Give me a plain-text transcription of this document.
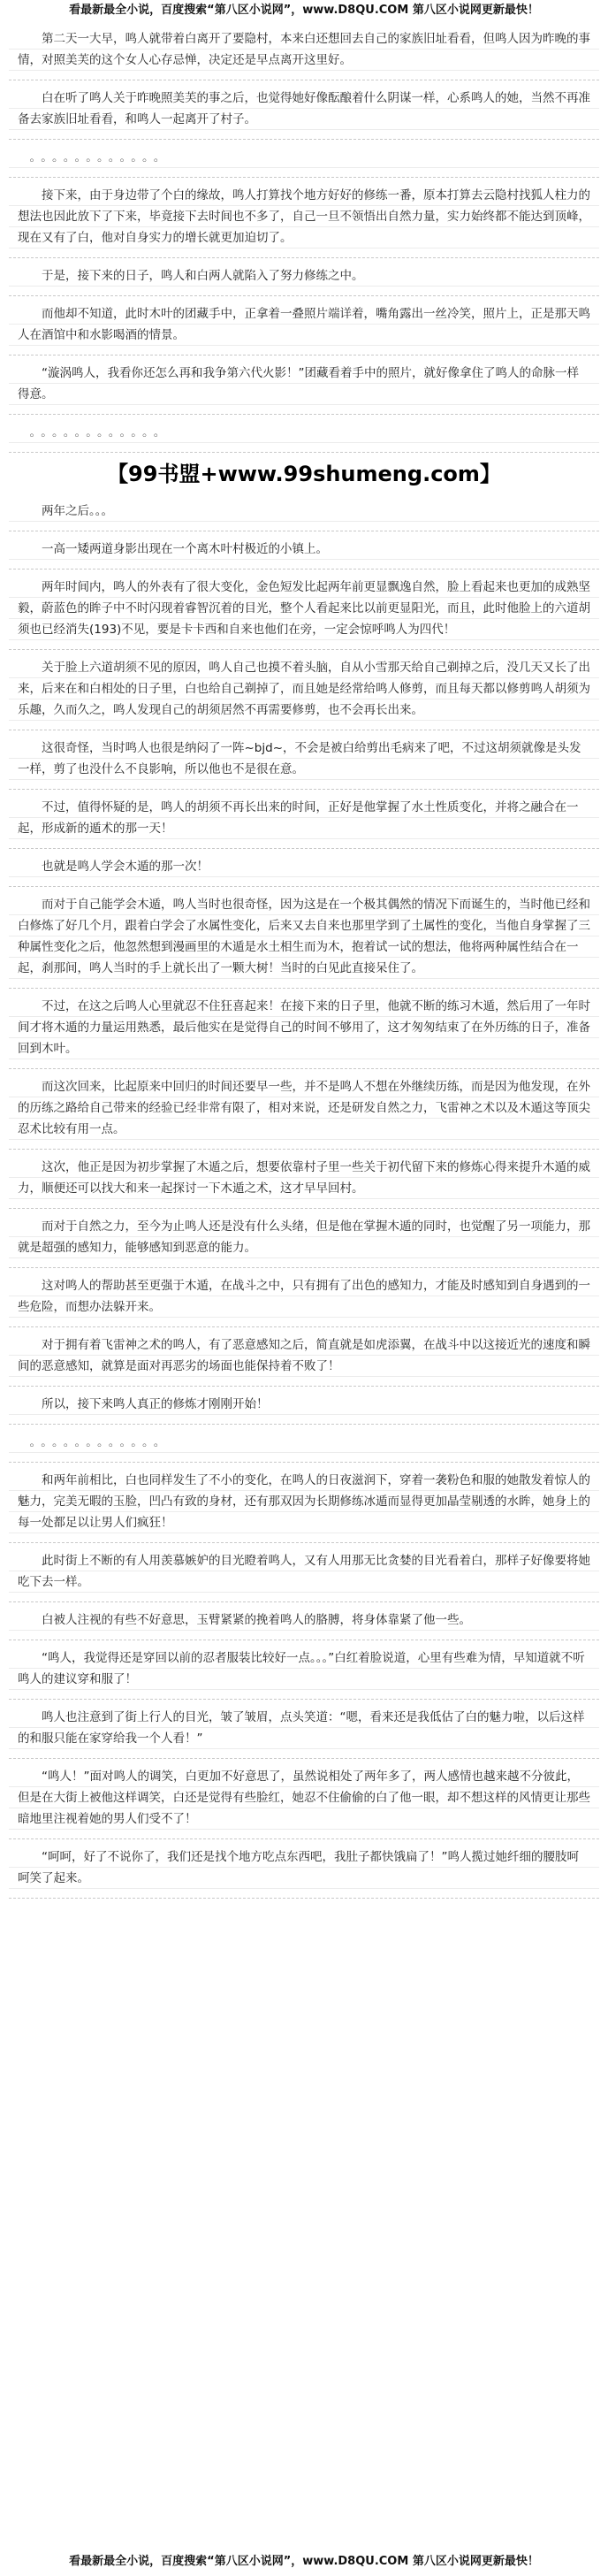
看最新最全小说，百度搜索“第八区小说网”，www.D8QU.COM 第八区小说网更新最快！
第二天一大早，鸣人就带着白离开了要隐村，本来白还想回去自己的家族旧址看看，但鸣人因为昨晚的事情，对照美芙的这个女人心存忌惮，决定还是早点离开这里好。
白在听了鸣人关于昨晚照美芙的事之后，也觉得她好像酝酿着什么阴谋一样，心系鸣人的她，当然不再准备去家族旧址看看，和鸣人一起离开了村子。
。。。。。。。。。。。。
接下来，由于身边带了个白的缘故，鸣人打算找个地方好好的修练一番，原本打算去云隐村找狐人柱力的想法也因此放下了下来，毕竟接下去时间也不多了，自己一旦不领悟出自然力量，实力始终都不能达到顶峰，现在又有了白，他对自身实力的增长就更加迫切了。
于是，接下来的日子，鸣人和白两人就陷入了努力修练之中。
而他却不知道，此时木叶的团藏手中，正拿着一叠照片端详着，嘴角露出一丝冷笑，照片上，正是那天鸣人在酒馆中和水影喝酒的情景。
“漩涡鸣人，我看你还怎么再和我争第六代火影！”团藏看着手中的照片，就好像拿住了鸣人的命脉一样得意。
。。。。。。。。。。。。
【99书盟+www.99shumeng.com】
两年之后。。。
一高一矮两道身影出现在一个离木叶村极近的小镇上。
两年时间内，鸣人的外表有了很大变化，金色短发比起两年前更显飘逸自然，脸上看起来也更加的成熟坚毅，蔚蓝色的眸子中不时闪现着睿智沉着的目光，整个人看起来比以前更显阳光，而且，此时他脸上的六道胡须也已经消失(193)不见，要是卡卡西和自来也他们在旁，一定会惊呼鸣人为四代！
关于脸上六道胡须不见的原因，鸣人自己也摸不着头脑，自从小雪那天给自己剃掉之后，没几天又长了出来，后来在和白相处的日子里，白也给自己剃掉了，而且她是经常给鸣人修剪，而且每天都以修剪鸣人胡须为乐趣，久而久之，鸣人发现自己的胡须居然不再需要修剪，也不会再长出来。
这很奇怪，当时鸣人也很是纳闷了一阵~bjd~，不会是被白给剪出毛病来了吧，不过这胡须就像是头发一样，剪了也没什么不良影响，所以他也不是很在意。
不过，值得怀疑的是，鸣人的胡须不再长出来的时间，正好是他掌握了水土性质变化，并将之融合在一起，形成新的遁术的那一天！
也就是鸣人学会木遁的那一次！
而对于自己能学会木遁，鸣人当时也很奇怪，因为这是在一个极其偶然的情况下而诞生的，当时他已经和白修炼了好几个月，跟着白学会了水属性变化，后来又去自来也那里学到了土属性的变化，当他自身掌握了三种属性变化之后，他忽然想到漫画里的木遁是水土相生而为木，抱着试一试的想法，他将两种属性结合在一起，刹那间，鸣人当时的手上就长出了一颗大树！当时的白见此直接呆住了。
不过，在这之后鸣人心里就忍不住狂喜起来！在接下来的日子里，他就不断的练习木遁，然后用了一年时间才将木遁的力量运用熟悉，最后他实在是觉得自己的时间不够用了，这才匆匆结束了在外历练的日子，准备回到木叶。
而这次回来，比起原来中回归的时间还要早一些，并不是鸣人不想在外继续历练，而是因为他发现，在外的历练之路给自己带来的经验已经非常有限了，相对来说，还是研发自然之力，飞雷神之术以及木遁这等顶尖忍术比较有用一点。
这次，他正是因为初步掌握了木遁之后，想要依靠村子里一些关于初代留下来的修炼心得来提升木遁的威力，顺便还可以找大和来一起探讨一下木遁之术，这才早早回村。
而对于自然之力，至今为止鸣人还是没有什么头绪，但是他在掌握木遁的同时，也觉醒了另一项能力，那就是超强的感知力，能够感知到恶意的能力。
这对鸣人的帮助甚至更强于木遁，在战斗之中，只有拥有了出色的感知力，才能及时感知到自身遇到的一些危险，而想办法躲开来。
对于拥有着飞雷神之术的鸣人，有了恶意感知之后，简直就是如虎添翼，在战斗中以这接近光的速度和瞬间的恶意感知，就算是面对再恶劣的场面也能保持着不败了！
所以，接下来鸣人真正的修炼才刚刚开始！
。。。。。。。。。。。。
和两年前相比，白也同样发生了不小的变化，在鸣人的日夜滋润下，穿着一袭粉色和服的她散发着惊人的魅力，完美无暇的玉脸，凹凸有致的身材，还有那双因为长期修练冰遁而显得更加晶莹剔透的水眸，她身上的每一处都足以让男人们疯狂！
此时街上不断的有人用羡慕嫉妒的目光瞪着鸣人，又有人用那无比贪婪的目光看着白，那样子好像要将她吃下去一样。
白被人注视的有些不好意思，玉臂紧紧的挽着鸣人的胳膊，将身体靠紧了他一些。
“鸣人，我觉得还是穿回以前的忍者服装比较好一点。。。”白红着脸说道，心里有些难为情，早知道就不听鸣人的建议穿和服了！
鸣人也注意到了街上行人的目光，皱了皱眉，点头笑道：“嗯，看来还是我低估了白的魅力啦，以后这样的和服只能在家穿给我一个人看！”
“鸣人！”面对鸣人的调笑，白更加不好意思了，虽然说相处了两年多了，两人感情也越来越不分彼此，但是在大街上被他这样调笑，白还是觉得有些脸红，她忍不住偷偷的白了他一眼，却不想这样的风情更让那些暗地里注视着她的男人们受不了！
“呵呵，好了不说你了，我们还是找个地方吃点东西吧，我肚子都快饿扁了！”鸣人揽过她纤细的腰肢呵呵笑了起来。
看最新最全小说，百度搜索“第八区小说网”，www.D8QU.COM 第八区小说网更新最快！
